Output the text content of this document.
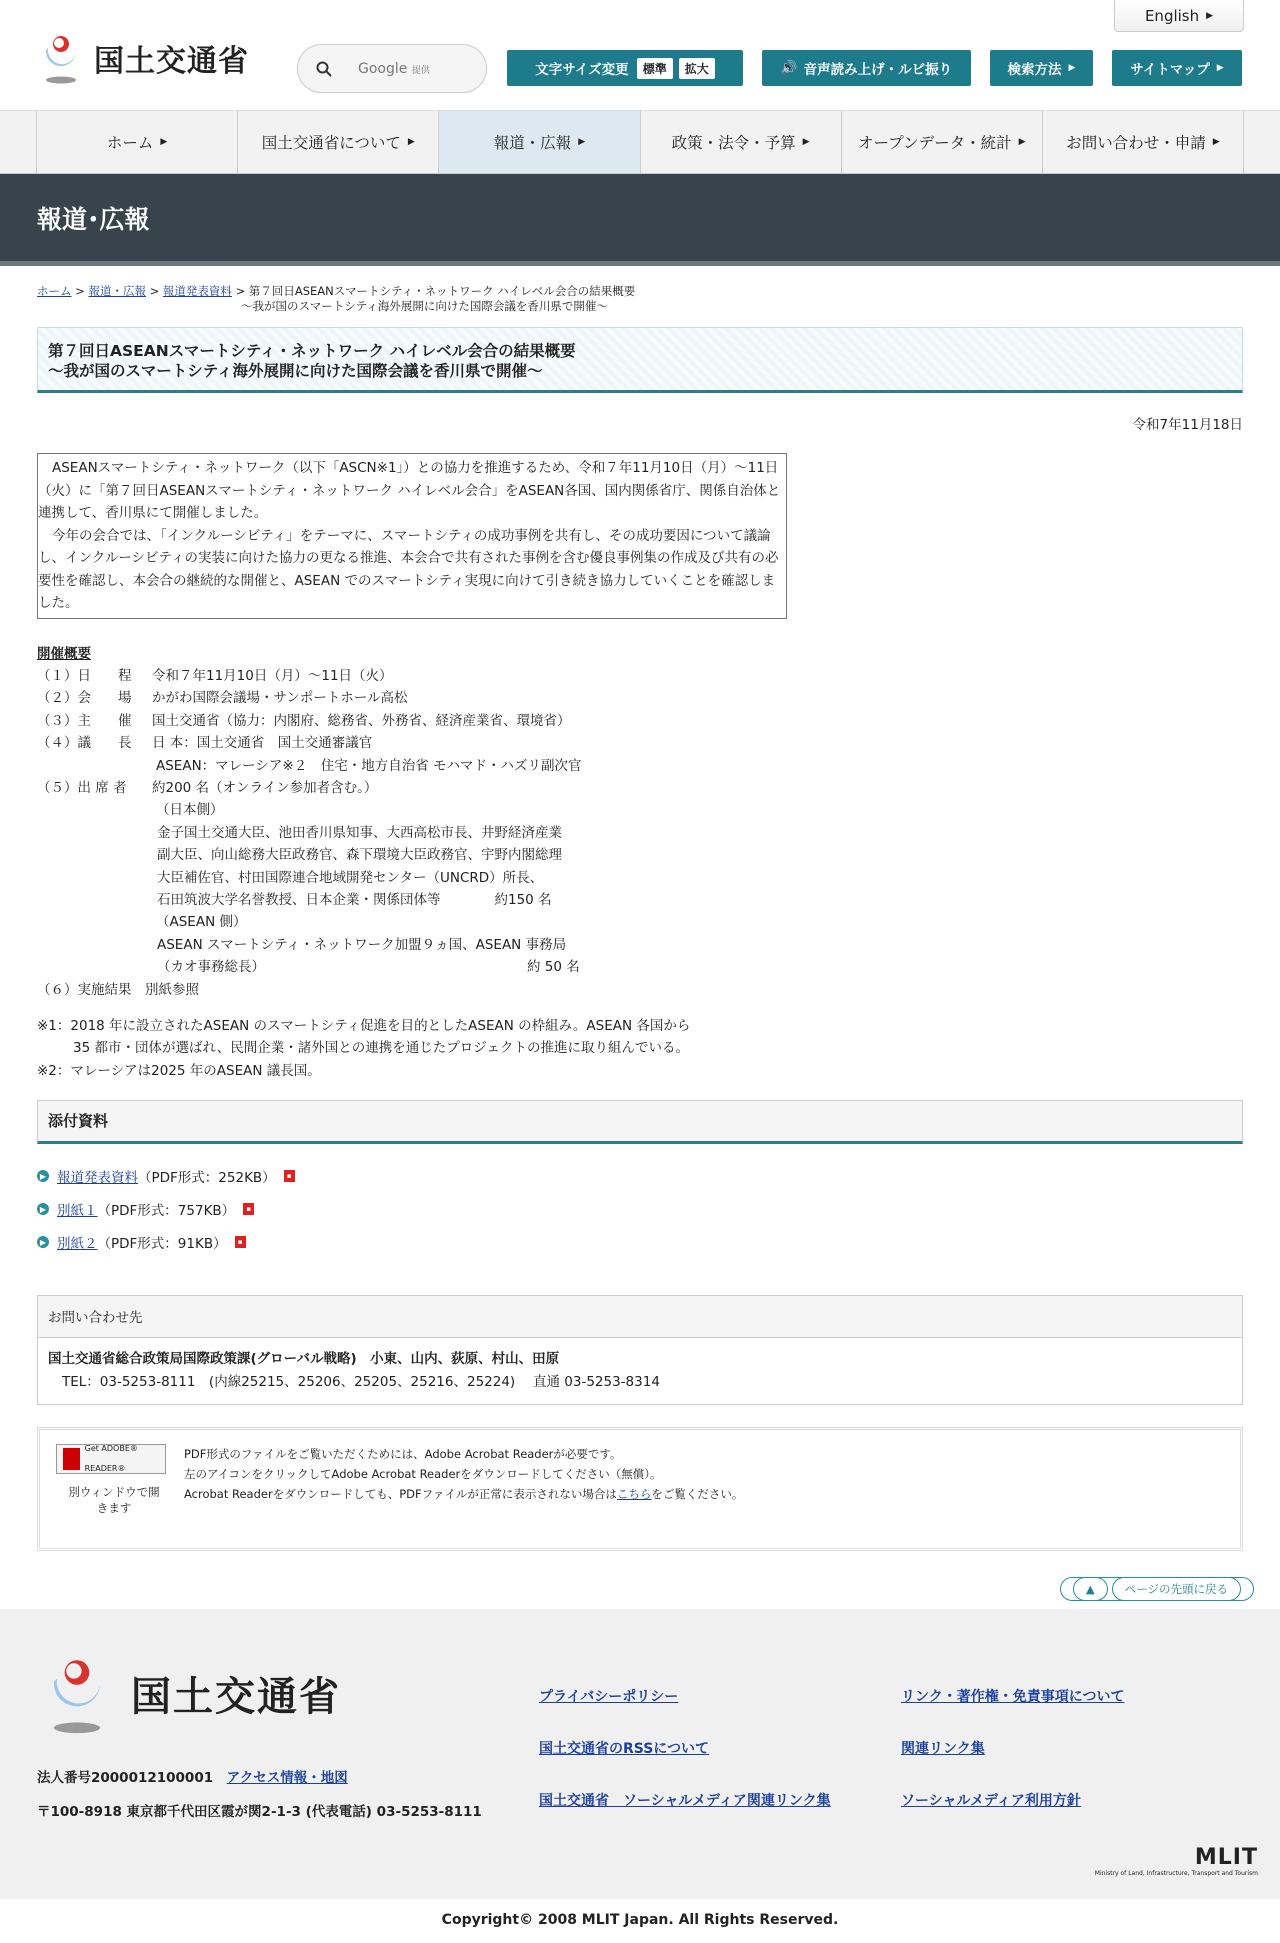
国土交通省
English ▶
Google 提供	文字サイズ変更	標準	拡大	🔊 音声読み上げ・ルビ振り	検索方法 ▶	サイトマップ ▶
ホーム ▶	国土交通省について ▶	報道・広報 ▶	政策・法令・予算 ▶	オープンデータ・統計 ▶	お問い合わせ・申請 ▶
報道･広報
ホーム > 報道・広報 > 報道発表資料 > 第７回日ASEANスマートシティ・ネットワーク ハイレベル会合の結果概要
～我が国のスマートシティ海外展開に向けた国際会議を香川県で開催～
第７回日ASEANスマートシティ・ネットワーク ハイレベル会合の結果概要
～我が国のスマートシティ海外展開に向けた国際会議を香川県で開催～
令和7年11月18日

ASEANスマートシティ・ネットワーク（以下「ASCN※1」）との協力を推進するため、令和７年11月10日（月）～11日（火）に「第７回日ASEANスマートシティ・ネットワーク ハイレベル会合」をASEAN各国、国内関係省庁、関係自治体と連携して、香川県にて開催しました。

今年の会合では、「インクルーシビティ」をテーマに、スマートシティの成功事例を共有し、その成功要因について議論し、インクルーシビティの実装に向けた協力の更なる推進、本会合で共有された事例を含む優良事例集の作成及び共有の必要性を確認し、本会合の継続的な開催と、ASEAN でのスマートシティ実現に向けて引き続き協力していくことを確認しました。

開催概要
（１）日　　程	令和７年11月10日（月）～11日（火）
（２）会　　場	かがわ国際会議場・サンポートホール高松
（３）主　　催	国土交通省（協力：内閣府、総務省、外務省、経済産業省、環境省）
（４）議　　長	日 本：国土交通省　国土交通審議官
ASEAN：マレーシア※２　住宅・地方自治省 モハマド・ハズリ副次官
（５）出 席 者	約200 名（オンライン参加者含む。）
（日本側）
金子国土交通大臣、池田香川県知事、大西高松市長、井野経済産業
副大臣、向山総務大臣政務官、森下環境大臣政務官、宇野内閣総理
大臣補佐官、村田国際連合地域開発センター（UNCRD）所長、
石田筑波大学名誉教授、日本企業・関係団体等	約150 名
（ASEAN 側）
ASEAN スマートシティ・ネットワーク加盟９ヵ国、ASEAN 事務局
（カオ事務総長）	約 50 名
（６）実施結果　別紙参照
※1：2018 年に設立されたASEAN のスマートシティ促進を目的としたASEAN の枠組み。ASEAN 各国から
35 都市・団体が選ばれ、民間企業・諸外国との連携を通じたプロジェクトの推進に取り組んでいる。
※2：マレーシアは2025 年のASEAN 議長国。
添付資料
▶ 報道発表資料 （PDF形式：252KB）	▪
▶ 別紙１ （PDF形式：757KB）	▪
▶ 別紙２ （PDF形式：91KB）	▪
お問い合わせ先
国土交通省総合政策局国際政策課(グローバル戦略)　小東、山内、荻原、村山、田原
TEL：03-5253-8111　(内線25215、25206、25205、25216、25224)　 直通 03-5253-8314
Get ADOBE® READER®
別ウィンドウで開きます
PDF形式のファイルをご覧いただくためには、Adobe Acrobat Readerが必要です。
左のアイコンをクリックしてAdobe Acrobat Readerをダウンロードしてください（無償）。
Acrobat Readerをダウンロードしても、PDFファイルが正常に表示されない場合はこちらをご覧ください。
▲	ページの先頭に戻る
国土交通省
法人番号2000012100001　 アクセス情報・地図
〒100-8918 東京都千代田区霞が関2-1-3 (代表電話) 03-5253-8111
プライバシーポリシー
国土交通省のRSSについて
国土交通省　ソーシャルメディア関連リンク集
リンク・著作権・免責事項について
関連リンク集
ソーシャルメディア利用方針
MLIT
Ministry of Land, Infrastructure, Transport and Tourism
Copyright© 2008 MLIT Japan. All Rights Reserved.
